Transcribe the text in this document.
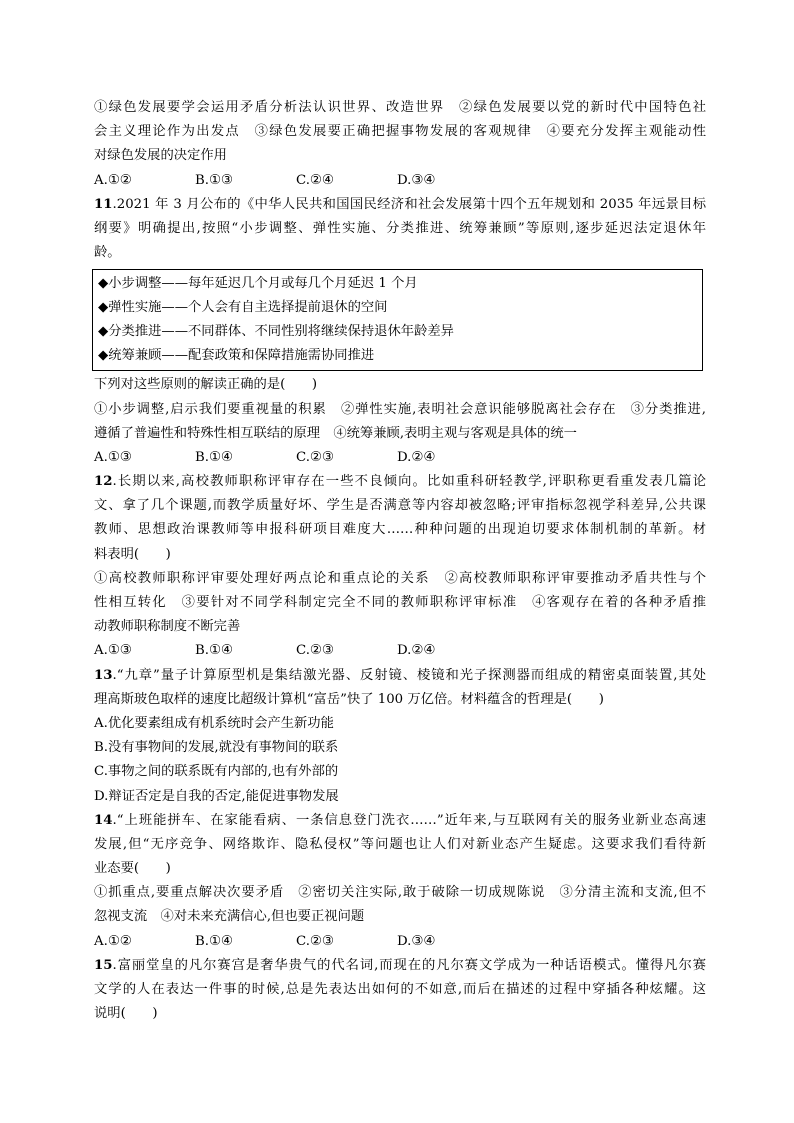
①绿色发展要学会运用矛盾分析法认识世界、改造世界　②绿色发展要以党的新时代中国特色社
会主义理论作为出发点　③绿色发展要正确把握事物发展的客观规律　④要充分发挥主观能动性
对绿色发展的决定作用
A.①②	B.①③	C.②④	D.③④
11.2021 年 3 月公布的《中华人民共和国国民经济和社会发展第十四个五年规划和 2035 年远景目标
纲要》明确提出,按照“小步调整、弹性实施、分类推进、统筹兼顾”等原则,逐步延迟法定退休年
龄。
◆小步调整——每年延迟几个月或每几个月延迟 1 个月
◆弹性实施——个人会有自主选择提前退休的空间
◆分类推进——不同群体、不同性别将继续保持退休年龄差异
◆统筹兼顾——配套政策和保障措施需协同推进
下列对这些原则的解读正确的是(　　)
①小步调整,启示我们要重视量的积累　②弹性实施,表明社会意识能够脱离社会存在　③分类推进,
遵循了普遍性和特殊性相互联结的原理　④统筹兼顾,表明主观与客观是具体的统一
A.①③	B.①④	C.②③	D.②④
12.长期以来,高校教师职称评审存在一些不良倾向。比如重科研轻教学,评职称更看重发表几篇论
文、拿了几个课题,而教学质量好坏、学生是否满意等内容却被忽略;评审指标忽视学科差异,公共课
教师、思想政治课教师等申报科研项目难度大……种种问题的出现迫切要求体制机制的革新。材
料表明(　　)
①高校教师职称评审要处理好两点论和重点论的关系　②高校教师职称评审要推动矛盾共性与个
性相互转化　③要针对不同学科制定完全不同的教师职称评审标准　④客观存在着的各种矛盾推
动教师职称制度不断完善
A.①③	B.①④	C.②③	D.②④
13.“九章”量子计算原型机是集结激光器、反射镜、棱镜和光子探测器而组成的精密桌面装置,其处
理高斯玻色取样的速度比超级计算机“富岳”快了 100 万亿倍。材料蕴含的哲理是(　　)
A.优化要素组成有机系统时会产生新功能
B.没有事物间的发展,就没有事物间的联系
C.事物之间的联系既有内部的,也有外部的
D.辩证否定是自我的否定,能促进事物发展
14.“上班能拼车、在家能看病、一条信息登门洗衣……”近年来,与互联网有关的服务业新业态高速
发展,但“无序竞争、网络欺诈、隐私侵权”等问题也让人们对新业态产生疑虑。这要求我们看待新
业态要(　　)
①抓重点,要重点解决次要矛盾　②密切关注实际,敢于破除一切成规陈说　③分清主流和支流,但不
忽视支流　④对未来充满信心,但也要正视问题
A.①②	B.①④	C.②③	D.③④
15.富丽堂皇的凡尔赛宫是奢华贵气的代名词,而现在的凡尔赛文学成为一种话语模式。懂得凡尔赛
文学的人在表达一件事的时候,总是先表达出如何的不如意,而后在描述的过程中穿插各种炫耀。这
说明(　　)
